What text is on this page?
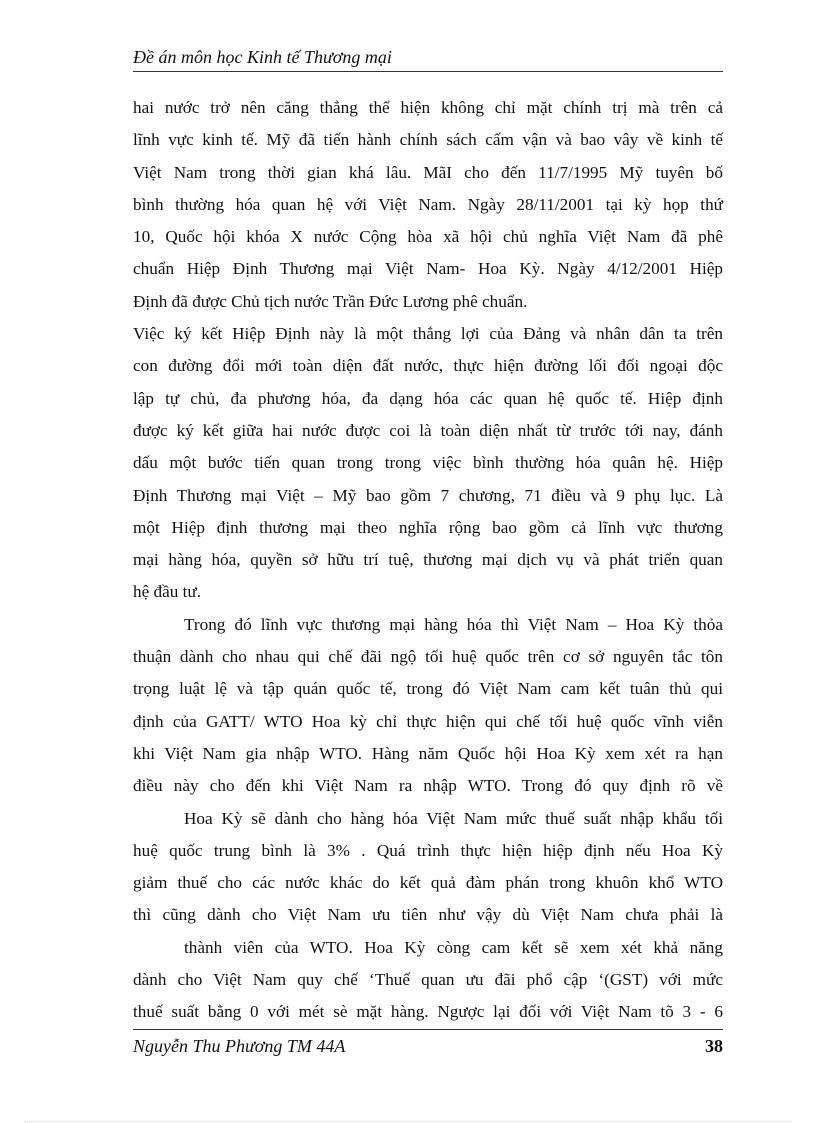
Đề án môn học Kinh tế Thương mại
hai nước trở nên căng thẳng thể hiện không chỉ mặt chính trị mà trên cả
lĩnh vực kinh tế. Mỹ đã tiến hành chính sách cấm vận và bao vây về kinh tế
Việt Nam trong thời gian khá lâu. MãI cho đến 11/7/1995 Mỹ tuyên bố
bình thường hóa quan hệ với Việt Nam. Ngày 28/11/2001 tại kỳ họp thứ
10, Quốc hội khóa X nước Cộng hòa xã hội chủ nghĩa Việt Nam đã phê
chuẩn Hiệp Định Thương mại Việt Nam- Hoa Kỳ. Ngày 4/12/2001 Hiệp
Định đã được Chủ tịch nước Trần Đức Lương phê chuẩn.
Việc ký kết Hiệp Định này là một thắng lợi của Đảng và nhân dân ta trên
con đường đổi mới toàn diện đất nước, thực hiện đường lối đối ngoại độc
lập tự chủ, đa phương hóa, đa dạng hóa các quan hệ quốc tế. Hiệp định
được ký kết giữa hai nước được coi là toàn diện nhất từ trước tới nay, đánh
dấu một bước tiến quan trong trong việc bình thường hóa quân hệ. Hiệp
Định Thương mại Việt – Mỹ bao gồm 7 chương, 71 điều và 9 phụ lục. Là
một Hiệp định thương mại theo nghĩa rộng bao gồm cả lĩnh vực thương
mại hàng hóa, quyền sở hữu trí tuệ, thương mại dịch vụ và phát triển quan
hệ đầu tư.
Trong đó lĩnh vực thương mại hàng hóa thì Việt Nam – Hoa Kỳ thỏa
thuận dành cho nhau qui chế đãi ngộ tối huệ quốc trên cơ sở nguyên tắc tôn
trọng luật lệ và tập quán quốc tế, trong đó Việt Nam cam kết tuân thủ qui
định của GATT/ WTO Hoa kỳ chỉ thực hiện qui chế tối huệ quốc vĩnh viễn
khi Việt Nam gia nhập WTO. Hàng năm Quốc hội Hoa Kỳ xem xét ra hạn
điều này cho đến khi Việt Nam ra nhập WTO. Trong đó quy định rõ về
Hoa Kỳ sẽ dành cho hàng hóa Việt Nam mức thuế suất nhập khẩu tối
huệ quốc trung bình là 3% . Quá trình thực hiện hiệp định nếu Hoa Kỳ
giảm thuế cho các nước khác do kết quả đàm phán trong khuôn khổ WTO
thì cũng dành cho Việt Nam ưu tiên như vậy dù Việt Nam chưa phải là
thành viên của WTO. Hoa Kỳ còng cam kết sẽ xem xét khả năng
dành cho Việt Nam quy chế ‘Thuế quan ưu đãi phổ cập ‘(GST) với mức
thuế suất bằng 0 với mét sè mặt hàng. Ngược lại đối với Việt Nam tõ 3 - 6
Nguyễn Thu Phương TM 44A	38
